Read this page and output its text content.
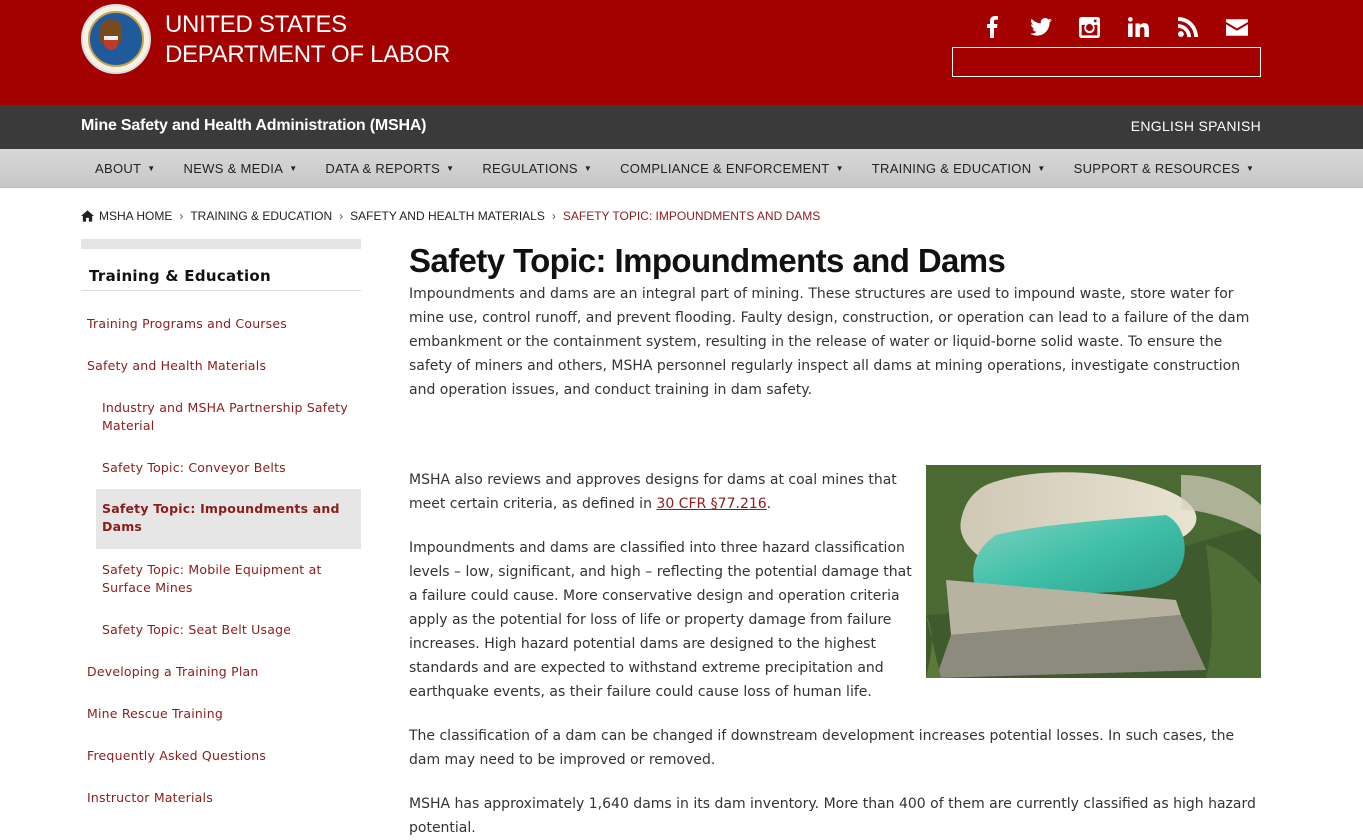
UNITED STATES
DEPARTMENT OF LABOR
Mine Safety and Health Administration (MSHA)	ENGLISH SPANISH
ABOUT ▼ NEWS & MEDIA ▼ DATA & REPORTS ▼ REGULATIONS ▼ COMPLIANCE & ENFORCEMENT ▼ TRAINING & EDUCATION ▼ SUPPORT & RESOURCES ▼
MSHA HOME › TRAINING & EDUCATION › SAFETY AND HEALTH MATERIALS › SAFETY TOPIC: IMPOUNDMENTS AND DAMS
Training & Education
Training Programs and Courses
Safety and Health Materials
Industry and MSHA Partnership Safety Material
Safety Topic: Conveyor Belts
Safety Topic: Impoundments and Dams
Safety Topic: Mobile Equipment at Surface Mines
Safety Topic: Seat Belt Usage
Developing a Training Plan
Mine Rescue Training
Frequently Asked Questions
Instructor Materials
Safety Topic: Impoundments and Dams

Impoundments and dams are an integral part of mining. These structures are used to impound waste, store water for mine use, control runoff, and prevent flooding. Faulty design, construction, or operation can lead to a failure of the dam embankment or the containment system, resulting in the release of water or liquid-borne solid waste. To ensure the safety of miners and others, MSHA personnel regularly inspect all dams at mining operations, investigate construction and operation issues, and conduct training in dam safety.

MSHA also reviews and approves designs for dams at coal mines that meet certain criteria, as defined in 30 CFR §77.216.

Impoundments and dams are classified into three hazard classification levels – low, significant, and high – reflecting the potential damage that a failure could cause. More conservative design and operation criteria apply as the potential for loss of life or property damage from failure increases. High hazard potential dams are designed to the highest standards and are expected to withstand extreme precipitation and earthquake events, as their failure could cause loss of human life.

The classification of a dam can be changed if downstream development increases potential losses. In such cases, the dam may need to be improved or removed.

MSHA has approximately 1,640 dams in its dam inventory. More than 400 of them are currently classified as high hazard potential.
